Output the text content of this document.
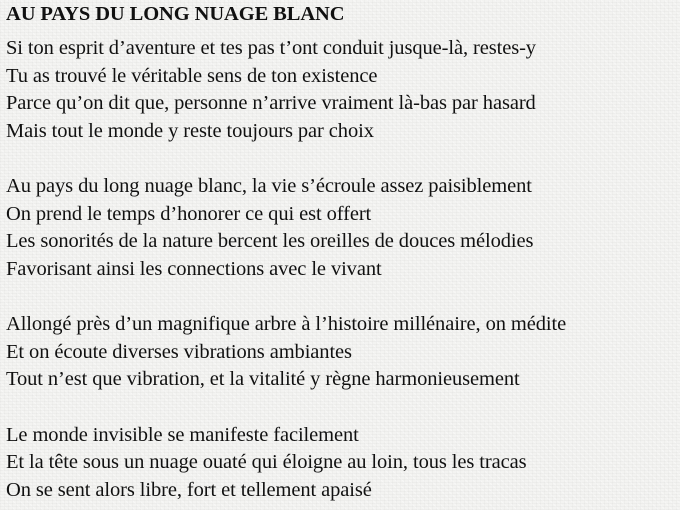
AU PAYS DU LONG NUAGE BLANC
Si ton esprit d’aventure et tes pas t’ont conduit jusque-là, restes-y
Tu as trouvé le véritable sens de ton existence
Parce qu’on dit que, personne n’arrive vraiment là-bas par hasard
Mais tout le monde y reste toujours par choix
Au pays du long nuage blanc, la vie s’écroule assez paisiblement
On prend le temps d’honorer ce qui est offert
Les sonorités de la nature bercent les oreilles de douces mélodies
Favorisant ainsi les connections avec le vivant
Allongé près d’un magnifique arbre à l’histoire millénaire, on médite
Et on écoute diverses vibrations ambiantes
Tout n’est que vibration, et la vitalité y règne harmonieusement
Le monde invisible se manifeste facilement
Et la tête sous un nuage ouaté qui éloigne au loin, tous les tracas
On se sent alors libre, fort et tellement apaisé
